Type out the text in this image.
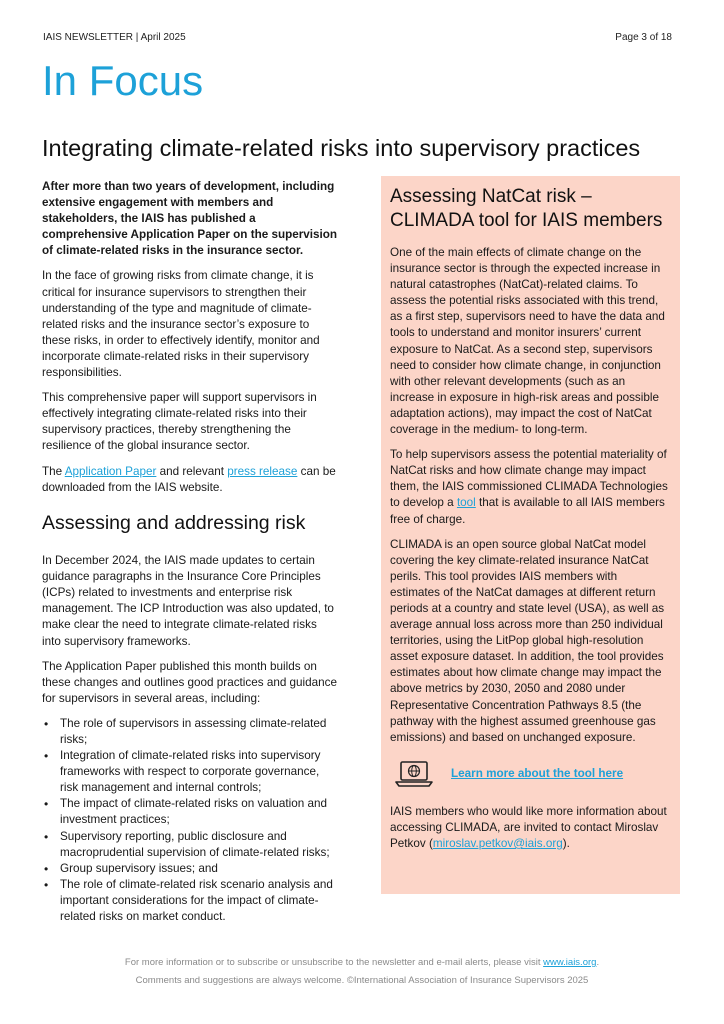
IAIS NEWSLETTER | April 2025	Page 3 of 18
In Focus
Integrating climate-related risks into supervisory practices

After more than two years of development, including extensive engagement with members and stakeholders, the IAIS has published a comprehensive Application Paper on the supervision of climate-related risks in the insurance sector.

In the face of growing risks from climate change, it is critical for insurance supervisors to strengthen their understanding of the type and magnitude of climate-related risks and the insurance sector’s exposure to these risks, in order to effectively identify, monitor and incorporate climate-related risks in their supervisory responsibilities.

This comprehensive paper will support supervisors in effectively integrating climate-related risks into their supervisory practices, thereby strengthening the resilience of the global insurance sector.

The Application Paper and relevant press release can be downloaded from the IAIS website.

Assessing and addressing risk

In December 2024, the IAIS made updates to certain guidance paragraphs in the Insurance Core Principles (ICPs) related to investments and enterprise risk management. The ICP Introduction was also updated, to make clear the need to integrate climate-related risks into supervisory frameworks.

The Application Paper published this month builds on these changes and outlines good practices and guidance for supervisors in several areas, including:

• The role of supervisors in assessing climate-related risks;
• Integration of climate-related risks into supervisory frameworks with respect to corporate governance, risk management and internal controls;
• The impact of climate-related risks on valuation and investment practices;
• Supervisory reporting, public disclosure and macroprudential supervision of climate-related risks;
• Group supervisory issues; and
• The role of climate-related risk scenario analysis and important considerations for the impact of climate-related risks on market conduct.
Assessing NatCat risk – CLIMADA tool for IAIS members

One of the main effects of climate change on the insurance sector is through the expected increase in natural catastrophes (NatCat)-related claims. To assess the potential risks associated with this trend, as a first step, supervisors need to have the data and tools to understand and monitor insurers’ current exposure to NatCat. As a second step, supervisors need to consider how climate change, in conjunction with other relevant developments (such as an increase in exposure in high-risk areas and possible adaptation actions), may impact the cost of NatCat coverage in the medium- to long-term.

To help supervisors assess the potential materiality of NatCat risks and how climate change may impact them, the IAIS commissioned CLIMADA Technologies to develop a tool that is available to all IAIS members free of charge.

CLIMADA is an open source global NatCat model covering the key climate-related insurance NatCat perils. This tool provides IAIS members with estimates of the NatCat damages at different return periods at a country and state level (USA), as well as average annual loss across more than 250 individual territories, using the LitPop global high-resolution asset exposure dataset. In addition, the tool provides estimates about how climate change may impact the above metrics by 2030, 2050 and 2080 under Representative Concentration Pathways 8.5 (the pathway with the highest assumed greenhouse gas emissions) and based on unchanged exposure.

Learn more about the tool here

IAIS members who would like more information about accessing CLIMADA, are invited to contact Miroslav Petkov (miroslav.petkov@iais.org).

For more information or to subscribe or unsubscribe to the newsletter and e-mail alerts, please visit www.iais.org.
Comments and suggestions are always welcome. ©International Association of Insurance Supervisors 2025
